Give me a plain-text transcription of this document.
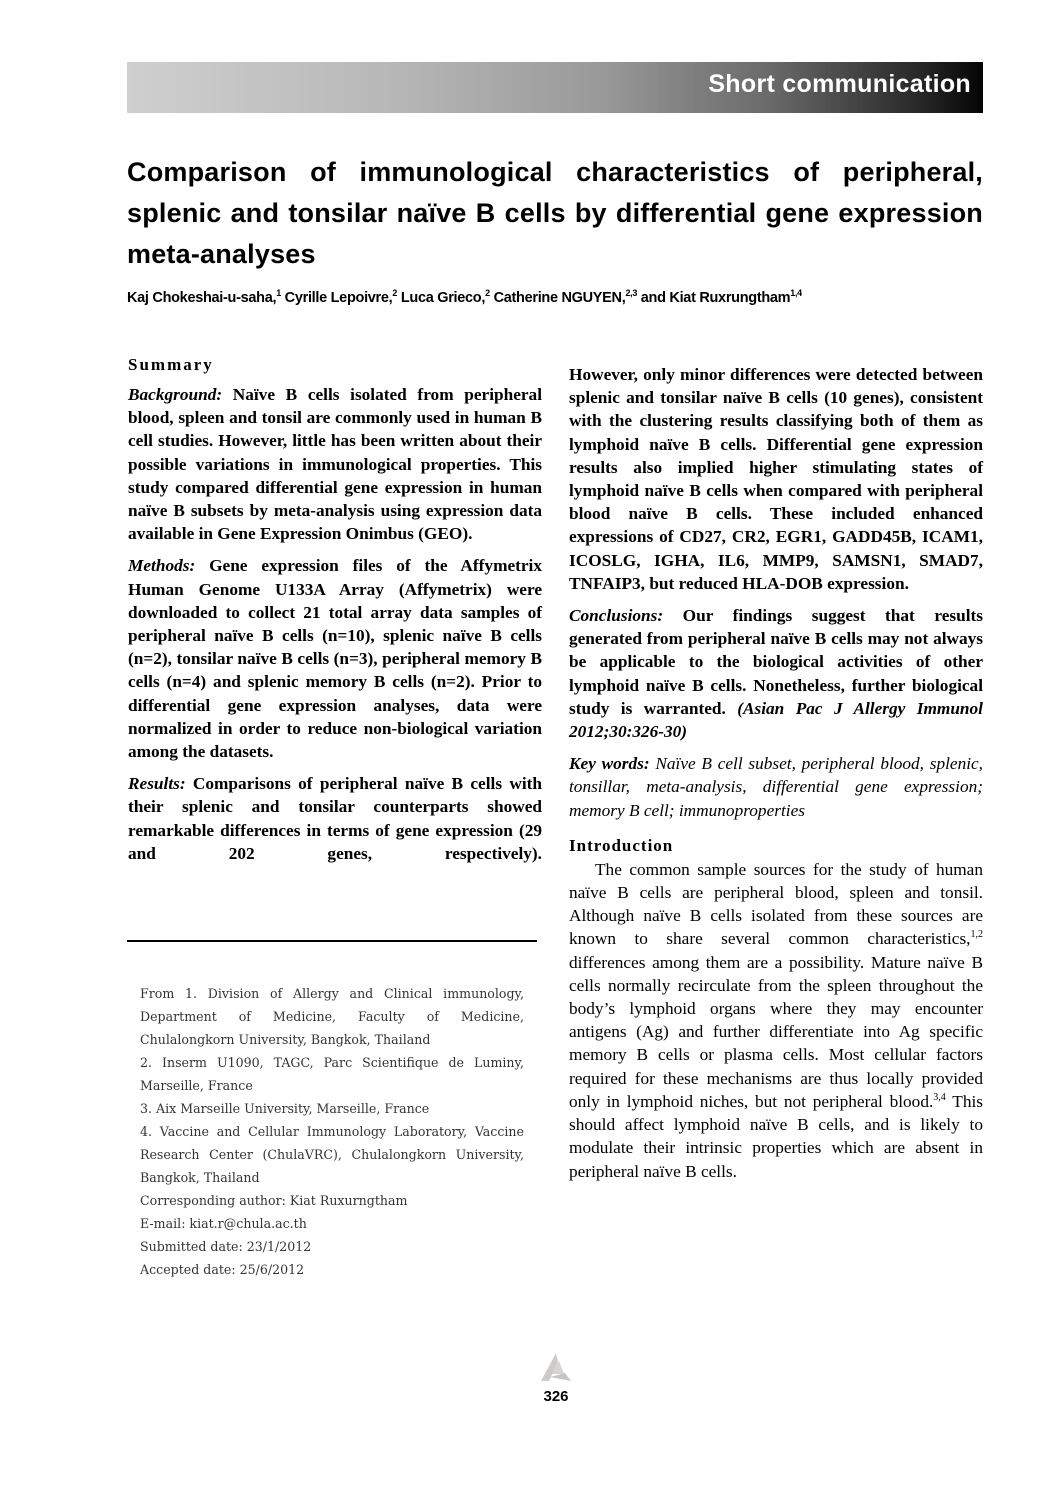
Short communication
Comparison of immunological characteristics of peripheral, splenic and tonsilar naïve B cells by differential gene expression meta-analyses
Kaj Chokeshai-u-saha,$^1$ Cyrille Lepoivre,$^2$ Luca Grieco,$^2$ Catherine NGUYEN,$^{2,3}$ and Kiat Ruxrungtham$^{1,4}$
Summary

Background: Naïve B cells isolated from peripheral blood, spleen and tonsil are commonly used in human B cell studies. However, little has been written about their possible variations in immunological properties. This study compared differential gene expression in human naïve B subsets by meta-analysis using expression data available in Gene Expression Onimbus (GEO).

Methods: Gene expression files of the Affymetrix Human Genome U133A Array (Affymetrix) were downloaded to collect 21 total array data samples of peripheral naïve B cells (n=10), splenic naïve B cells (n=2), tonsilar naïve B cells (n=3), peripheral memory B cells (n=4) and splenic memory B cells (n=2). Prior to differential gene expression analyses, data were normalized in order to reduce non-biological variation among the datasets.

Results: Comparisons of peripheral naïve B cells with their splenic and tonsilar counterparts showed remarkable differences in terms of gene expression (29 and 202 genes, respectively).

From 1. Division of Allergy and Clinical immunology, Department of Medicine, Faculty of Medicine, Chulalongkorn University, Bangkok, Thailand

2. Inserm U1090, TAGC, Parc Scientifique de Luminy, Marseille, France

3. Aix Marseille University, Marseille, France

4. Vaccine and Cellular Immunology Laboratory, Vaccine Research Center (ChulaVRC), Chulalongkorn University, Bangkok, Thailand

Corresponding author: Kiat Ruxurngtham

E-mail: kiat.r@chula.ac.th

Submitted date: 23/1/2012

Accepted date: 25/6/2012

However, only minor differences were detected between splenic and tonsilar naïve B cells (10 genes), consistent with the clustering results classifying both of them as lymphoid naïve B cells. Differential gene expression results also implied higher stimulating states of lymphoid naïve B cells when compared with peripheral blood naïve B cells. These included enhanced expressions of CD27, CR2, EGR1, GADD45B, ICAM1, ICOSLG, IGHA, IL6, MMP9, SAMSN1, SMAD7, TNFAIP3, but reduced HLA-DOB expression.

Conclusions: Our findings suggest that results generated from peripheral naïve B cells may not always be applicable to the biological activities of other lymphoid naïve B cells. Nonetheless, further biological study is warranted. (Asian Pac J Allergy Immunol 2012;30:326-30)

Key words: Naïve B cell subset, peripheral blood, splenic, tonsillar, meta-analysis, differential gene expression; memory B cell; immunoproperties

Introduction

The common sample sources for the study of human naïve B cells are peripheral blood, spleen and tonsil. Although naïve B cells isolated from these sources are known to share several common characteristics,$^{1,2}$ differences among them are a possibility. Mature naïve B cells normally recirculate from the spleen throughout the body’s lymphoid organs where they may encounter antigens (Ag) and further differentiate into Ag specific memory B cells or plasma cells. Most cellular factors required for these mechanisms are thus locally provided only in lymphoid niches, but not peripheral blood.$^{3,4}$ This should affect lymphoid naïve B cells, and is likely to modulate their intrinsic properties which are absent in peripheral naïve B cells.

326
